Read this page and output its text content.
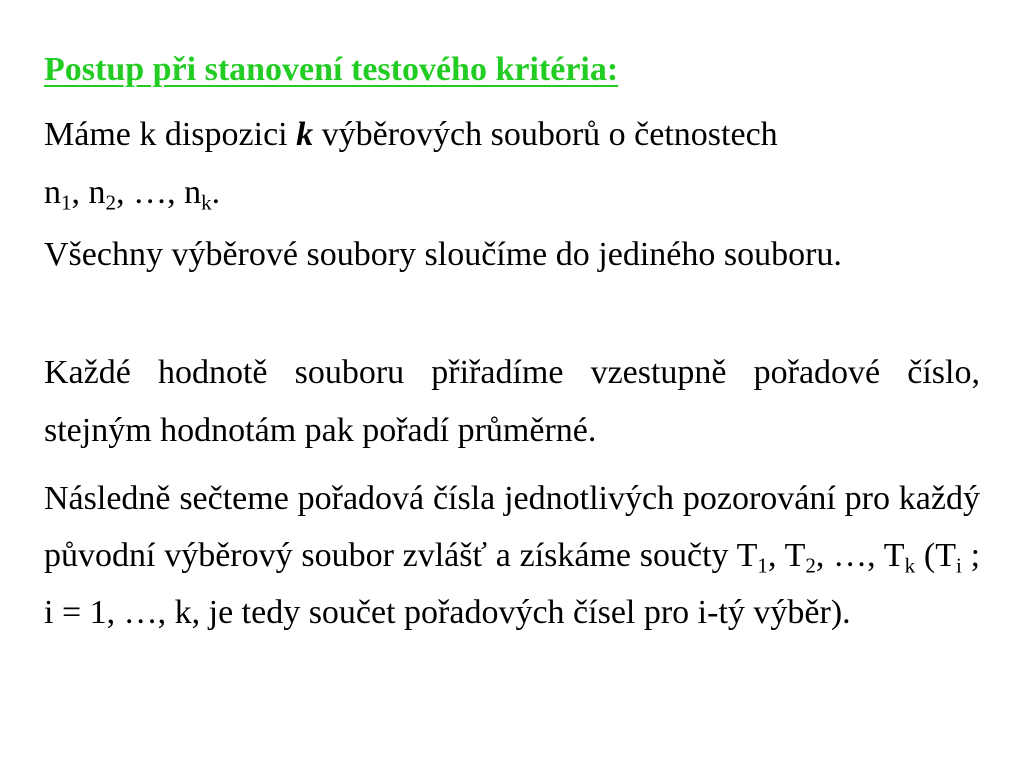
Postup při stanovení testového kritéria:
Máme k dispozici k výběrových souborů o četnostech
$n_1$, $n_2$, …, $n_k$.
Všechny výběrové soubory sloučíme do jediného souboru.
Každé hodnotě souboru přiřadíme vzestupně pořadové číslo, stejným hodnotám pak pořadí průměrné.
Následně sečteme pořadová čísla jednotlivých pozorování pro každý původní výběrový soubor zvlášť a získáme součty $T_1$, $T_2$, …, $T_k$ ($T_i$ ; i = 1, …, k, je tedy součet pořadových čísel pro i-tý výběr).
